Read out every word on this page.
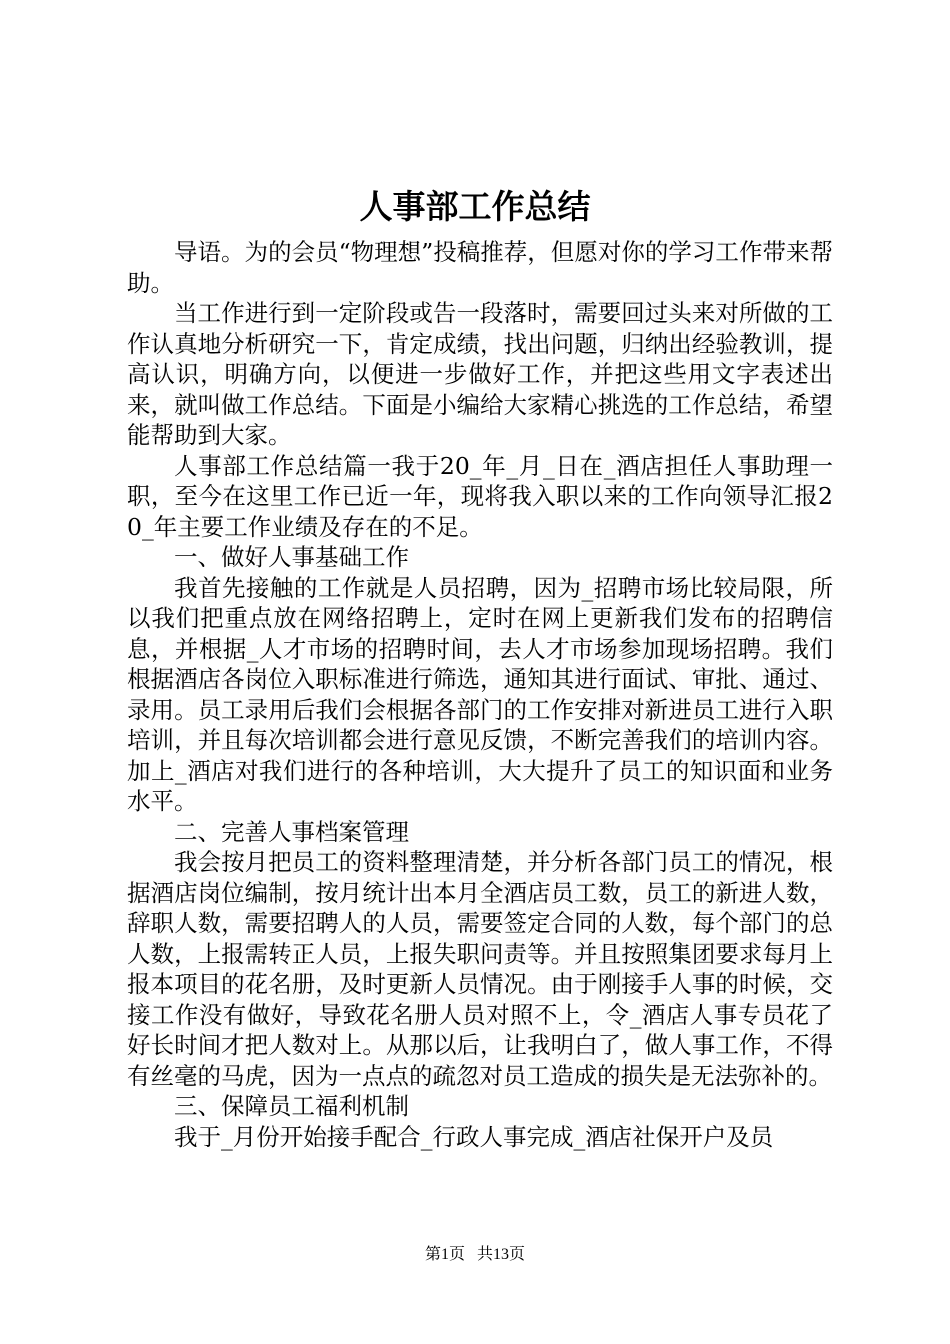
人事部工作总结

导语。为的会员“物理想”投稿推荐，但愿对你的学习工作带来帮助。

当工作进行到一定阶段或告一段落时，需要回过头来对所做的工作认真地分析研究一下，肯定成绩，找出问题，归纳出经验教训，提高认识，明确方向，以便进一步做好工作，并把这些用文字表述出来，就叫做工作总结。下面是小编给大家精心挑选的工作总结，希望能帮助到大家。

人事部工作总结篇一我于20_年_月_日在_酒店担任人事助理一职，至今在这里工作已近一年，现将我入职以来的工作向领导汇报20_年主要工作业绩及存在的不足。

一、做好人事基础工作

我首先接触的工作就是人员招聘，因为_招聘市场比较局限，所以我们把重点放在网络招聘上，定时在网上更新我们发布的招聘信息，并根据_人才市场的招聘时间，去人才市场参加现场招聘。我们根据酒店各岗位入职标准进行筛选，通知其进行面试、审批、通过、录用。员工录用后我们会根据各部门的工作安排对新进员工进行入职培训，并且每次培训都会进行意见反馈，不断完善我们的培训内容。加上_酒店对我们进行的各种培训，大大提升了员工的知识面和业务水平。

二、完善人事档案管理

我会按月把员工的资料整理清楚，并分析各部门员工的情况，根据酒店岗位编制，按月统计出本月全酒店员工数，员工的新进人数，辞职人数，需要招聘人的人员，需要签定合同的人数，每个部门的总人数，上报需转正人员，上报失职问责等。并且按照集团要求每月上报本项目的花名册，及时更新人员情况。由于刚接手人事的时候，交接工作没有做好，导致花名册人员对照不上，令_酒店人事专员花了好长时间才把人数对上。从那以后，让我明白了，做人事工作，不得有丝毫的马虎，因为一点点的疏忽对员工造成的损失是无法弥补的。

三、保障员工福利机制

我于_月份开始接手配合_行政人事完成_酒店社保开户及员

第1页 共13页
